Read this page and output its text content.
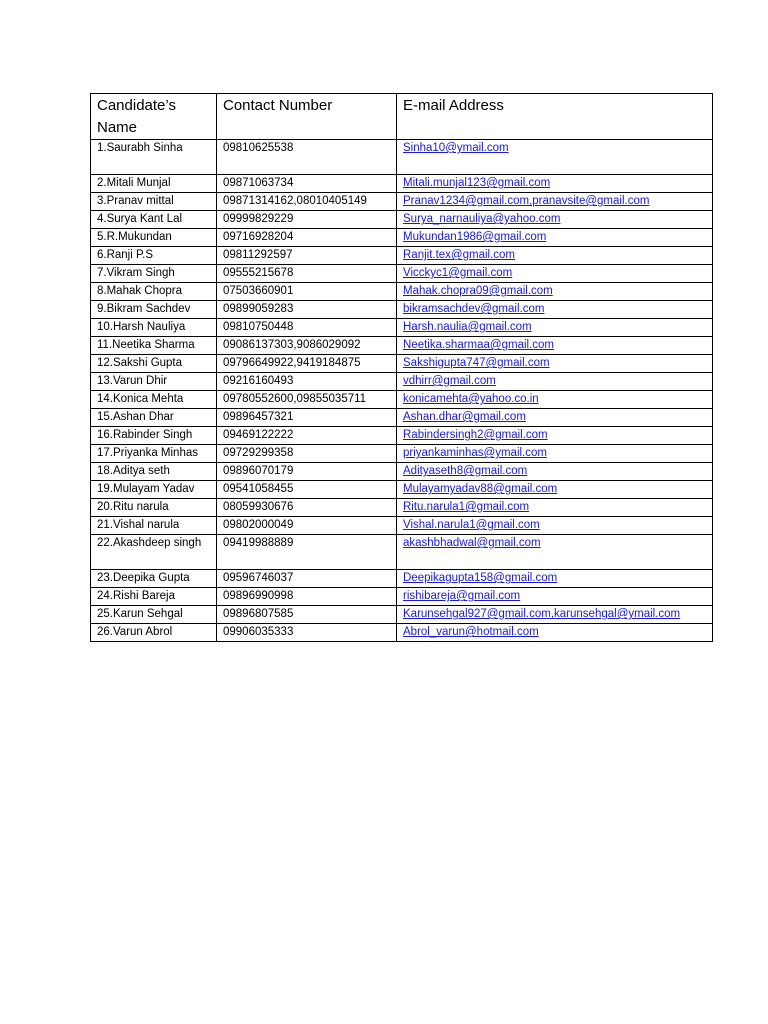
Candidate’s Name	Contact Number	E-mail Address
1.Saurabh Sinha	09810625538	Sinha10@ymail.com
2.Mitali Munjal	09871063734	Mitali.munjal123@gmail.com
3.Pranav mittal	09871314162,08010405149	Pranav1234@gmail.com,pranavsite@gmail.com
4.Surya Kant Lal	09999829229	Surya_narnauliya@yahoo.com
5.R.Mukundan	09716928204	Mukundan1986@gmail.com
6.Ranji P.S	09811292597	Ranjit.tex@gmail.com
7.Vikram Singh	09555215678	Vicckyc1@gmail.com
8.Mahak Chopra	07503660901	Mahak.chopra09@gmail.com
9.Bikram Sachdev	09899059283	bikramsachdev@gmail.com
10.Harsh Nauliya	09810750448	Harsh.naulia@gmail.com
11.Neetika Sharma	09086137303,9086029092	Neetika.sharmaa@gmail.com
12.Sakshi Gupta	09796649922,9419184875	Sakshigupta747@gmail.com
13.Varun Dhir	09216160493	vdhirr@gmail.com
14.Konica Mehta	09780552600,09855035711	konicamehta@yahoo.co.in
15.Ashan Dhar	09896457321	Ashan.dhar@gmail.com
16.Rabinder Singh	09469122222	Rabindersingh2@gmail.com
17.Priyanka Minhas	09729299358	priyankaminhas@ymail.com
18.Aditya seth	09896070179	Adityaseth8@gmail.com
19.Mulayam Yadav	09541058455	Mulayamyadav88@gmail.com
20.Ritu narula	08059930676	Ritu.narula1@gmail.com
21.Vishal narula	09802000049	Vishal.narula1@gmail.com
22.Akashdeep singh	09419988889	akashbhadwal@gmail.com
23.Deepika Gupta	09596746037	Deepikagupta158@gmail.com
24.Rishi Bareja	09896990998	rishibareja@gmail.com
25.Karun Sehgal	09896807585	Karunsehgal927@gmail.com,karunsehgal@ymail.com
26.Varun Abrol	09906035333	Abrol_varun@hotmail.com
